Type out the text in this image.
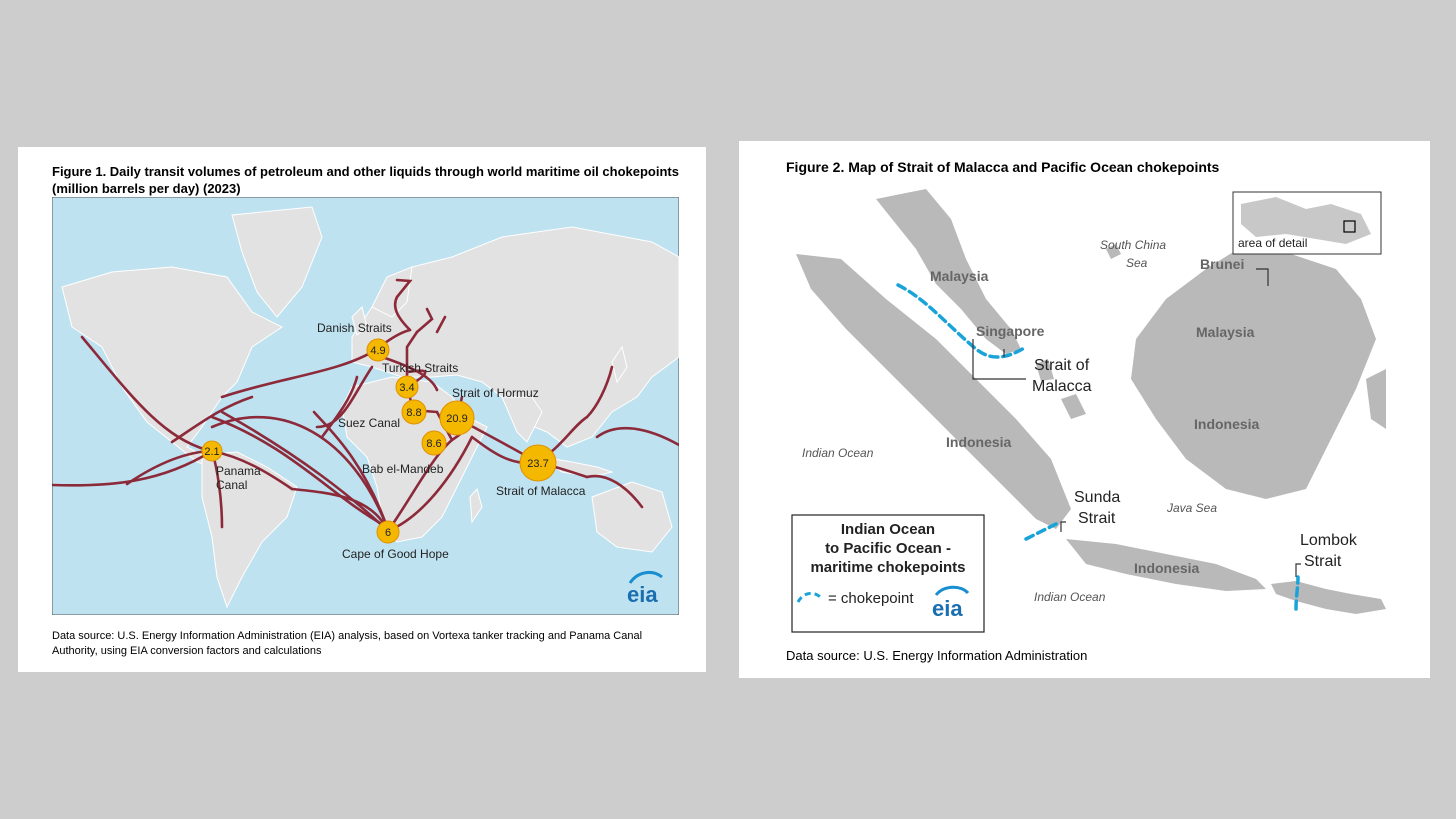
Figure 1. Daily transit volumes of petroleum and other liquids through world maritime oil chokepoints (million barrels per day) (2023)
4.9
3.4
8.8 20.9
8.6
23.7
2.1
6
Danish Straits
Turkish Straits
Suez Canal
Strait of Hormuz
Bab el-Mandeb
Strait of Malacca
Panama
Canal
Cape of Good Hope
eia
Data source: U.S. Energy Information Administration (EIA) analysis, based on Vortexa tanker tracking and Panama Canal Authority, using EIA conversion factors and calculations
Figure 2. Map of Strait of Malacca and Pacific Ocean chokepoints
area of detail
Malaysia
Singapore
Indonesia
Malaysia
Indonesia
Indonesia
Brunei
South China
Sea
Indian Ocean
Java Sea
Indian Ocean
Strait of
Malacca
Sunda
Strait
Lombok
Strait
Indian Ocean
to Pacific Ocean -
maritime chokepoints
= chokepoint eia
Data source: U.S. Energy Information Administration
